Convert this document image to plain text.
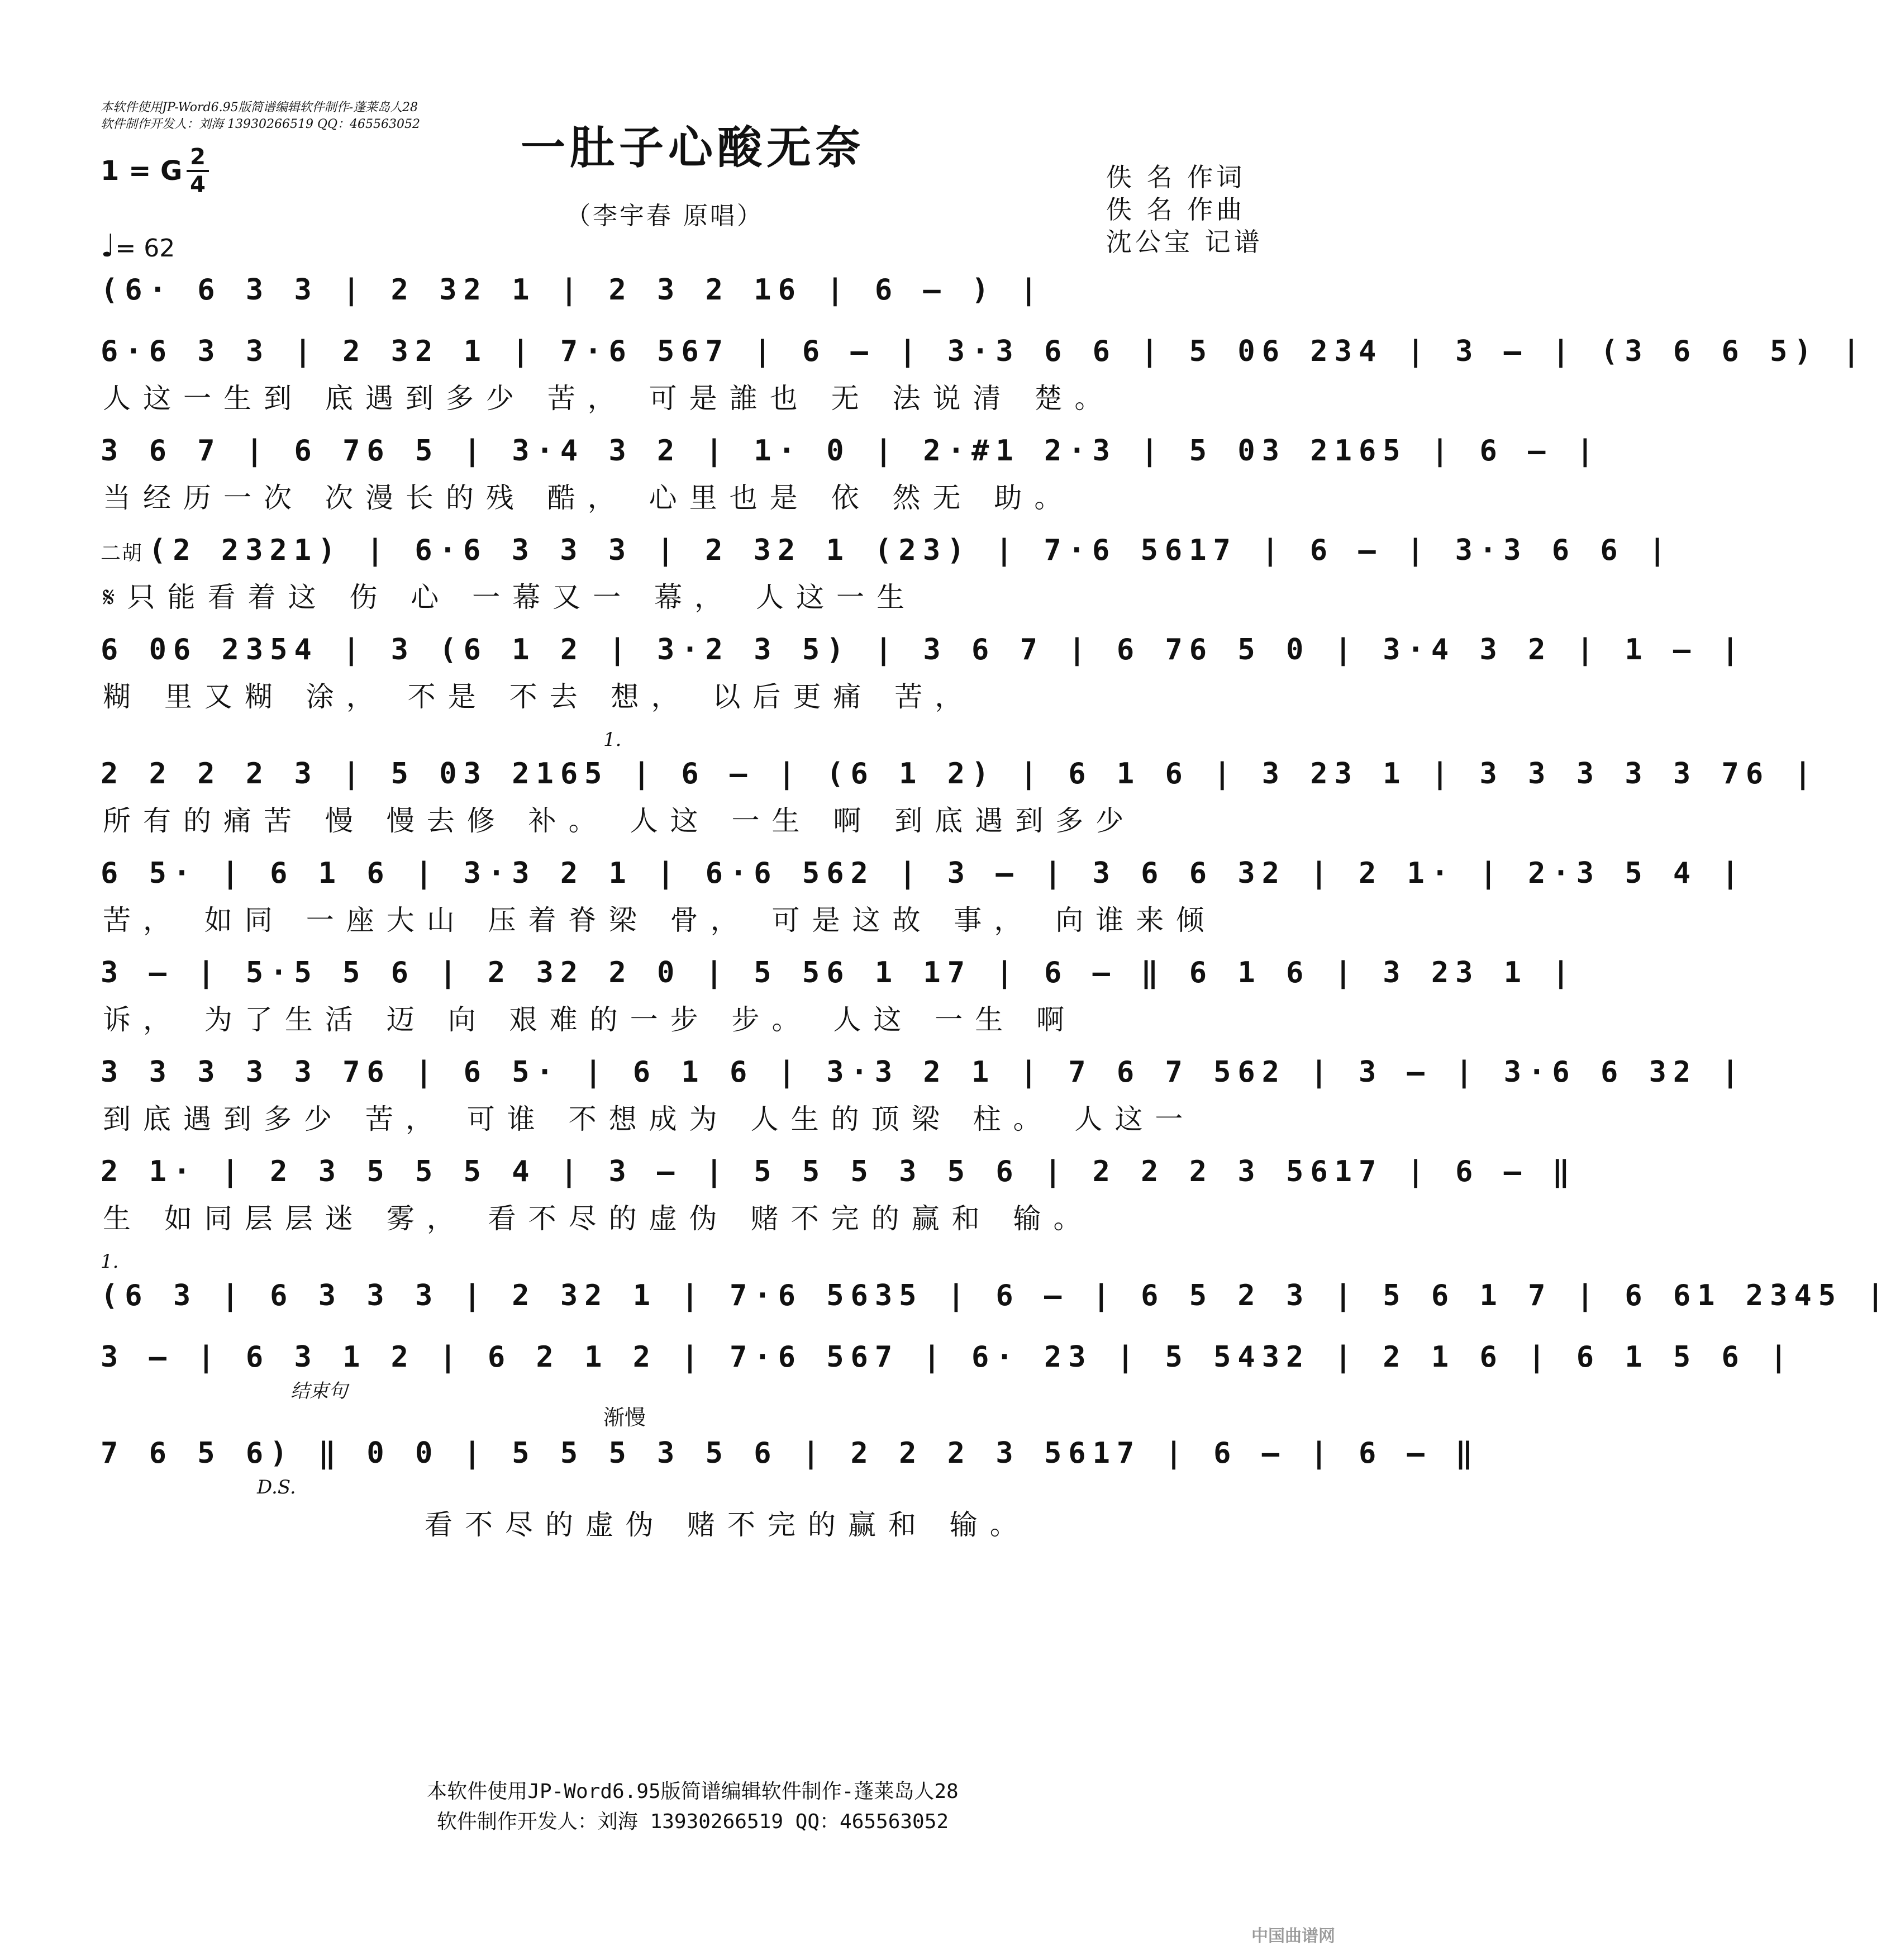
本软件使用JP-Word6.95版简谱编辑软件制作-蓬莱岛人28
软件制作开发人：刘海 13930266519 QQ：465563052	一肚子心酸无奈
（李宇春 原唱）
1 = G $\frac{2}{4}$
♩= 62
佚 名 作词
佚 名 作曲
沈公宝 记谱
(6· 6 3 3 | 2 32 1 | 2 3 2 16 | 6 – ) |
6·6 3 3 | 2 32 1 | 7·6 567 | 6 – | 3·3 6 6 | 5 06 234 | 3 – | (3 6 6 5) |
人这一生到 底遇到多少 苦， 可是誰也 无 法说清 楚。
3 6 7 | 6 76 5 | 3·4 3 2 | 1· 0 | 2·#1 2·3 | 5 03 2165 | 6 – |
当经历一次 次漫长的残 酷， 心里也是 依 然无 助。
二胡 (2 2321) | 6·6 3 3 3 | 2 32 1 (23) | 7·6 5617 | 6 – | 3·3 6 6 |
𝄋只能看着这 伤 心 一幕又一 幕， 人这一生
6 06 2354 | 3 (6 1 2 | 3·2 3 5) | 3 6 7 | 6 76 5 0 | 3·4 3 2 | 1 – |
糊 里又糊 涂， 不是 不去 想， 以后更痛 苦，
1.
2 2 2 2 3 | 5 03 2165 | 6 – | (6 1 2) | 6 1 6 | 3 23 1 | 3 3 3 3 3 76 |
所有的痛苦 慢 慢去修 补。 人这 一生 啊 到底遇到多少
6 5· | 6 1 6 | 3·3 2 1 | 6·6 562 | 3 – | 3 6 6 32 | 2 1· | 2·3 5 4 |
苦， 如同 一座大山 压着脊梁 骨， 可是这故 事， 向谁来倾
3 – | 5·5 5 6 | 2 32 2 0 | 5 56 1 17 | 6 – ‖ 6 1 6 | 3 23 1 |
诉， 为了生活 迈 向 艰难的一步 步。 人这 一生 啊
3 3 3 3 3 76 | 6 5· | 6 1 6 | 3·3 2 1 | 7 6 7 562 | 3 – | 3·6 6 32 |
到底遇到多少 苦， 可谁 不想成为 人生的顶梁 柱。 人这一
2 1· | 2 3 5 5 5 4 | 3 – | 5 5 5 3 5 6 | 2 2 2 3 5617 | 6 – ‖
生 如同层层迷 雾， 看不尽的虚伪 赌不完的赢和 输。
1.
(6 3 | 6 3 3 3 | 2 32 1 | 7·6 5635 | 6 – | 6 5 2 3 | 5 6 1 7 | 6 61 2345 |
3 – | 6 3 1 2 | 6 2 1 2 | 7·6 567 | 6· 23 | 5 5432 | 2 1 6 | 6 1 5 6 |
结束句
渐慢
7 6 5 6) ‖ 0 0 | 5 5 5 3 5 6 | 2 2 2 3 5617 | 6 – | 6 – ‖
D.S.
看不尽的虚伪 赌不完的赢和 输。
本软件使用JP-Word6.95版简谱编辑软件制作-蓬莱岛人28
软件制作开发人：刘海 13930266519 QQ：465563052
中国曲谱网
